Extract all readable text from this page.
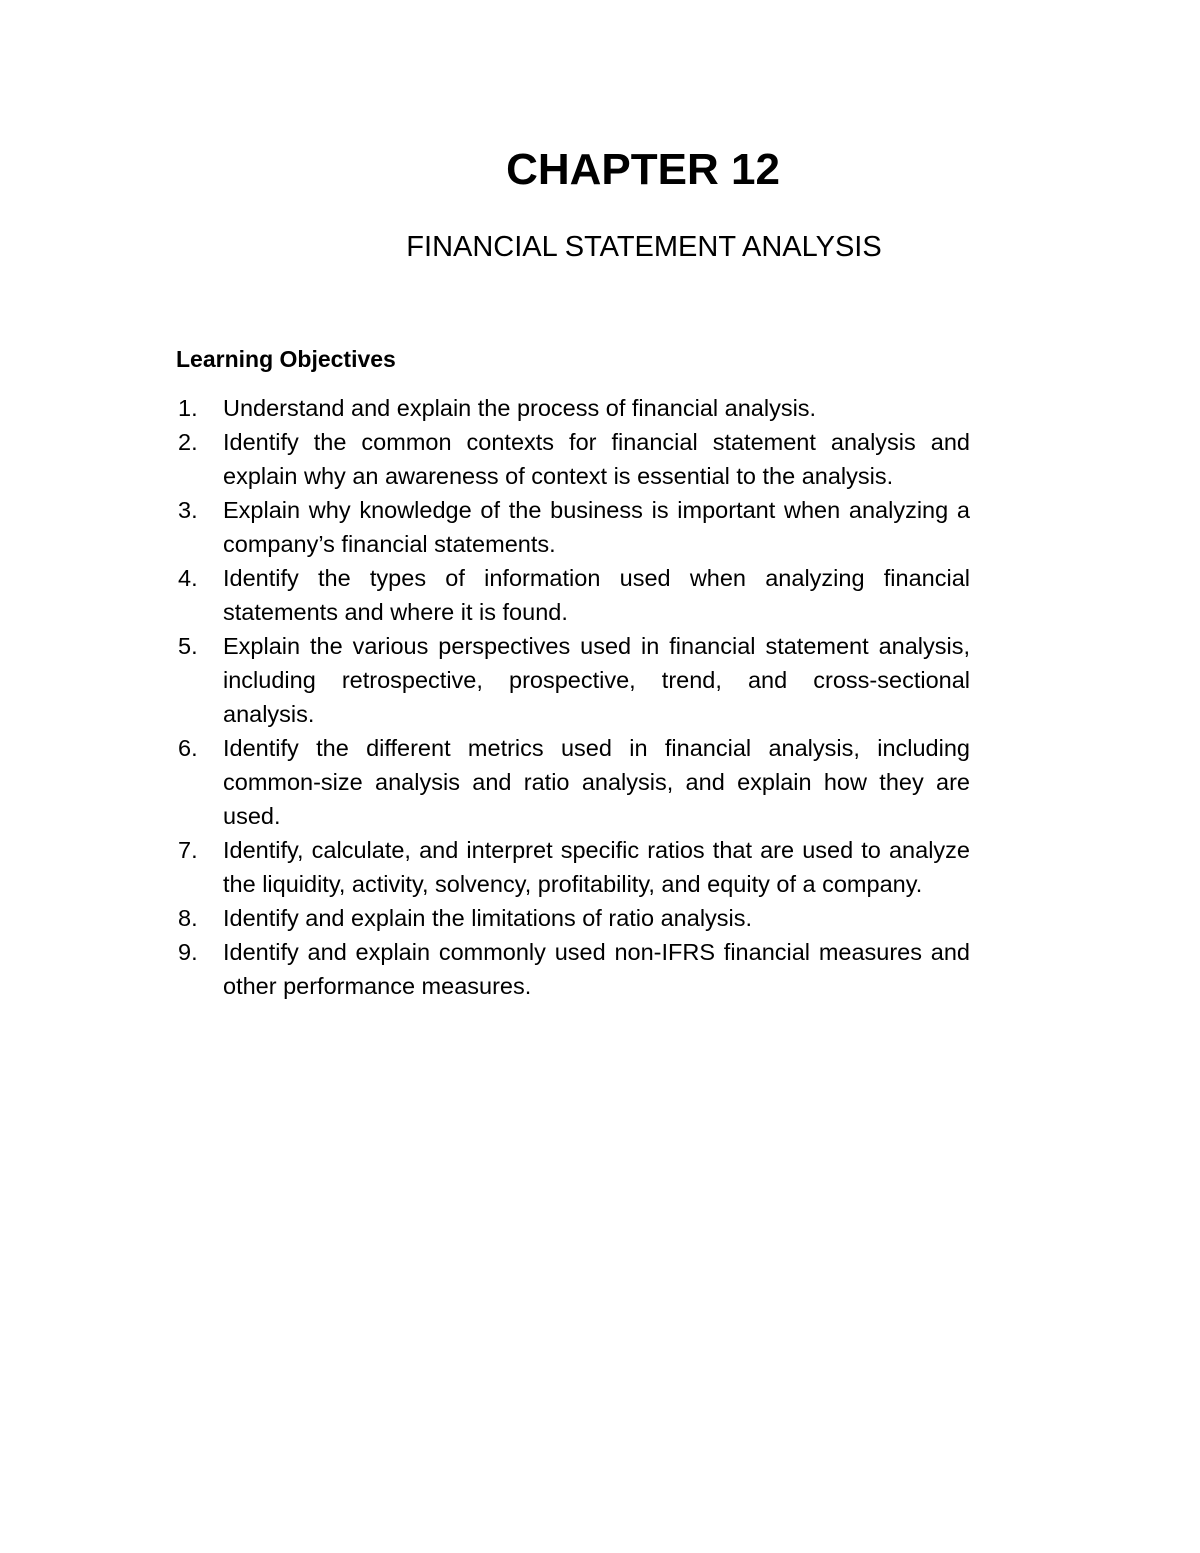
CHAPTER 12
FINANCIAL STATEMENT ANALYSIS
Learning Objectives
1.	Understand and explain the process of financial analysis.
2.	Identify the common contexts for financial statement analysis and explain why an awareness of context is essential to the analysis.
3.	Explain why knowledge of the business is important when analyzing a company’s financial statements.
4.	Identify the types of information used when analyzing financial statements and where it is found.
5.	Explain the various perspectives used in financial statement analysis, including retrospective, prospective, trend, and cross-sectional analysis.
6.	Identify the different metrics used in financial analysis, including common-size analysis and ratio analysis, and explain how they are used.
7.	Identify, calculate, and interpret specific ratios that are used to analyze the liquidity, activity, solvency, profitability, and equity of a company.
8.	Identify and explain the limitations of ratio analysis.
9.	Identify and explain commonly used non-IFRS financial measures and other performance measures.
